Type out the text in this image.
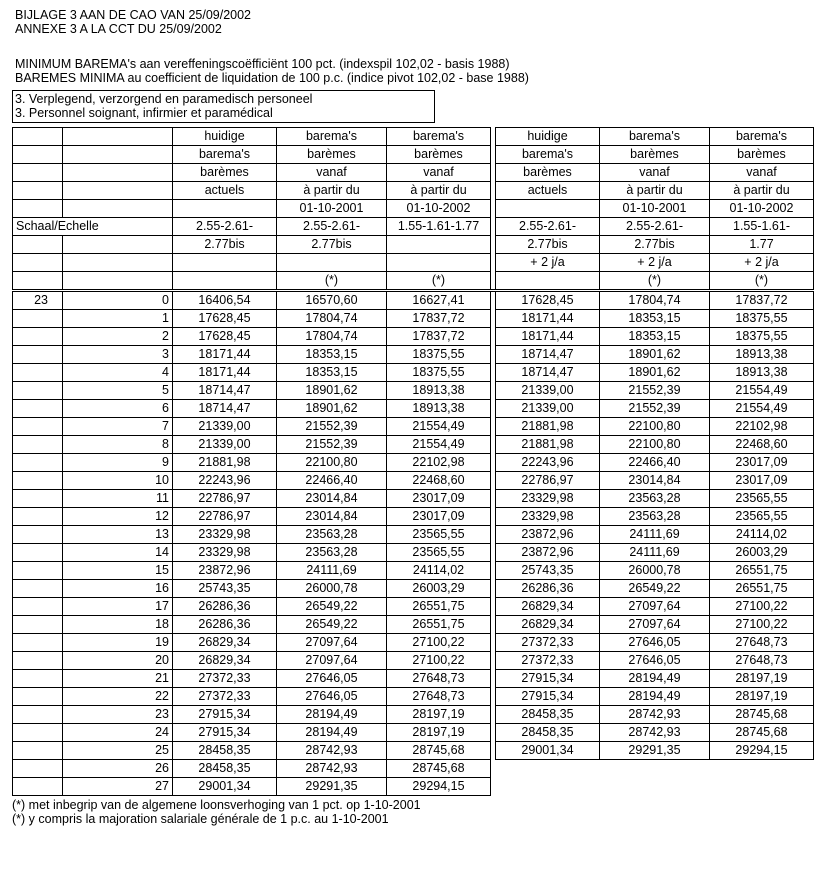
BIJLAGE 3 AAN DE CAO VAN 25/09/2002
ANNEXE 3 A LA CCT DU 25/09/2002
MINIMUM BAREMA's aan vereffeningscoëfficiënt 100 pct. (indexspil 102,02 - basis 1988)
BAREMES MINIMA au coefficient de liquidation de 100 p.c. (indice pivot 102,02 - base 1988)
3. Verplegend, verzorgend en paramedisch personeel
3. Personnel soignant, infirmier et paramédical
		huidige	barema's	barema's		huidige	barema's	barema's
		barema's	barèmes	barèmes		barema's	barèmes	barèmes
		barèmes	vanaf	vanaf		barèmes	vanaf	vanaf
		actuels	à partir du	à partir du		actuels	à partir du	à partir du
			01-10-2001	01-10-2002			01-10-2001	01-10-2002
Schaal/Echelle		2.55-2.61-	2.55-2.61-	1.55-1.61-1.77		2.55-2.61-	2.55-2.61-	1.55-1.61-
		2.77bis	2.77bis			2.77bis	2.77bis	1.77
						+ 2 j/a	+ 2 j/a	+ 2 j/a
			(*)	(*)			(*)	(*)
23	0	16406,54	16570,60	16627,41		17628,45	17804,74	17837,72
	1	17628,45	17804,74	17837,72		18171,44	18353,15	18375,55
	2	17628,45	17804,74	17837,72		18171,44	18353,15	18375,55
	3	18171,44	18353,15	18375,55		18714,47	18901,62	18913,38
	4	18171,44	18353,15	18375,55		18714,47	18901,62	18913,38
	5	18714,47	18901,62	18913,38		21339,00	21552,39	21554,49
	6	18714,47	18901,62	18913,38		21339,00	21552,39	21554,49
	7	21339,00	21552,39	21554,49		21881,98	22100,80	22102,98
	8	21339,00	21552,39	21554,49		21881,98	22100,80	22468,60
	9	21881,98	22100,80	22102,98		22243,96	22466,40	23017,09
	10	22243,96	22466,40	22468,60		22786,97	23014,84	23017,09
	11	22786,97	23014,84	23017,09		23329,98	23563,28	23565,55
	12	22786,97	23014,84	23017,09		23329,98	23563,28	23565,55
	13	23329,98	23563,28	23565,55		23872,96	24111,69	24114,02
	14	23329,98	23563,28	23565,55		23872,96	24111,69	26003,29
	15	23872,96	24111,69	24114,02		25743,35	26000,78	26551,75
	16	25743,35	26000,78	26003,29		26286,36	26549,22	26551,75
	17	26286,36	26549,22	26551,75		26829,34	27097,64	27100,22
	18	26286,36	26549,22	26551,75		26829,34	27097,64	27100,22
	19	26829,34	27097,64	27100,22		27372,33	27646,05	27648,73
	20	26829,34	27097,64	27100,22		27372,33	27646,05	27648,73
	21	27372,33	27646,05	27648,73		27915,34	28194,49	28197,19
	22	27372,33	27646,05	27648,73		27915,34	28194,49	28197,19
	23	27915,34	28194,49	28197,19		28458,35	28742,93	28745,68
	24	27915,34	28194,49	28197,19		28458,35	28742,93	28745,68
	25	28458,35	28742,93	28745,68		29001,34	29291,35	29294,15
	26	28458,35	28742,93	28745,68				
	27	29001,34	29291,35	29294,15				
(*) met inbegrip van de algemene loonsverhoging van 1 pct. op 1-10-2001
(*) y compris la majoration salariale générale de 1 p.c. au 1-10-2001
